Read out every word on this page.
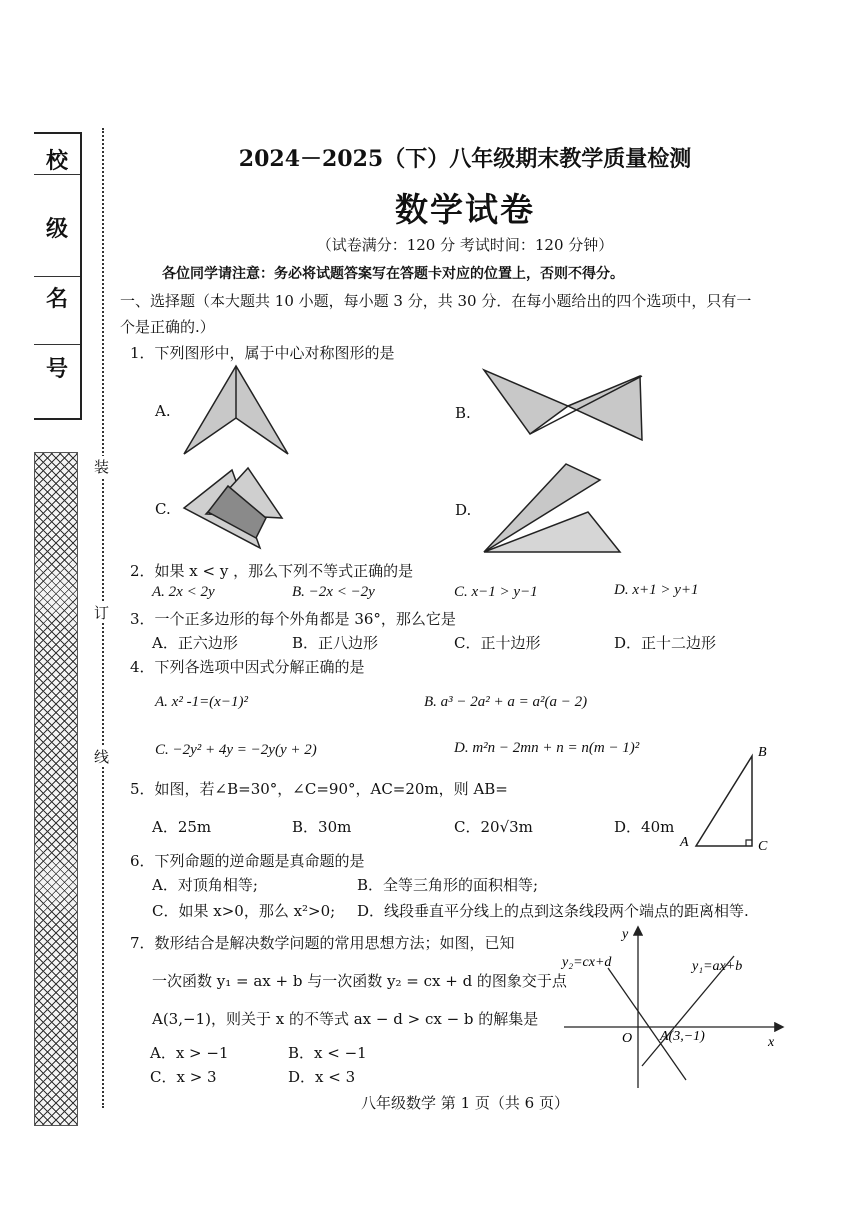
校
级
名
号
装
订
线
2024－2025（下）八年级期末教学质量检测
数学试卷
（试卷满分：120 分 考试时间：120 分钟）
各位同学请注意：务必将试题答案写在答题卡对应的位置上，否则不得分。
一、选择题（本大题共 10 小题，每小题 3 分，共 30 分．在每小题给出的四个选项中，只有一
个是正确的.）
1．下列图形中，属于中心对称图形的是
A.	B.
C.	D.
2．如果 x < y ，那么下列不等式正确的是
A. 2x < 2y	B. −2x < −2y	C. x−1 > y−1	D. x+1 > y+1
3．一个正多边形的每个外角都是 36°，那么它是
A．正六边形	B．正八边形	C．正十边形	D．正十二边形
4．下列各选项中因式分解正确的是
A. x² -1=(x−1)²	B. a³ − 2a² + a = a²(a − 2)
C. −2y² + 4y = −2y(y + 2)	D. m²n − 2mn + n = n(m − 1)²
5．如图，若∠B=30°，∠C=90°，AC=20m，则 AB=
A．25m	B．30m	C．20√3m	D．40m
B
A	C
6．下列命题的逆命题是真命题的是
A．对顶角相等;	B．全等三角形的面积相等;
C．如果 x>0，那么 x²>0; D．线段垂直平分线上的点到这条线段两个端点的距离相等.
7．数形结合是解决数学问题的常用思想方法；如图，已知
一次函数 y₁ = ax + b 与一次函数 y₂ = cx + d 的图象交于点
A(3,−1)，则关于 x 的不等式 ax − d > cx − b 的解集是
A．x > −1	B．x < −1
C．x > 3	D．x < 3
y
x
O A(3,−1)
y₂=cx+d	y₁=ax+b
八年级数学 第 1 页（共 6 页）
